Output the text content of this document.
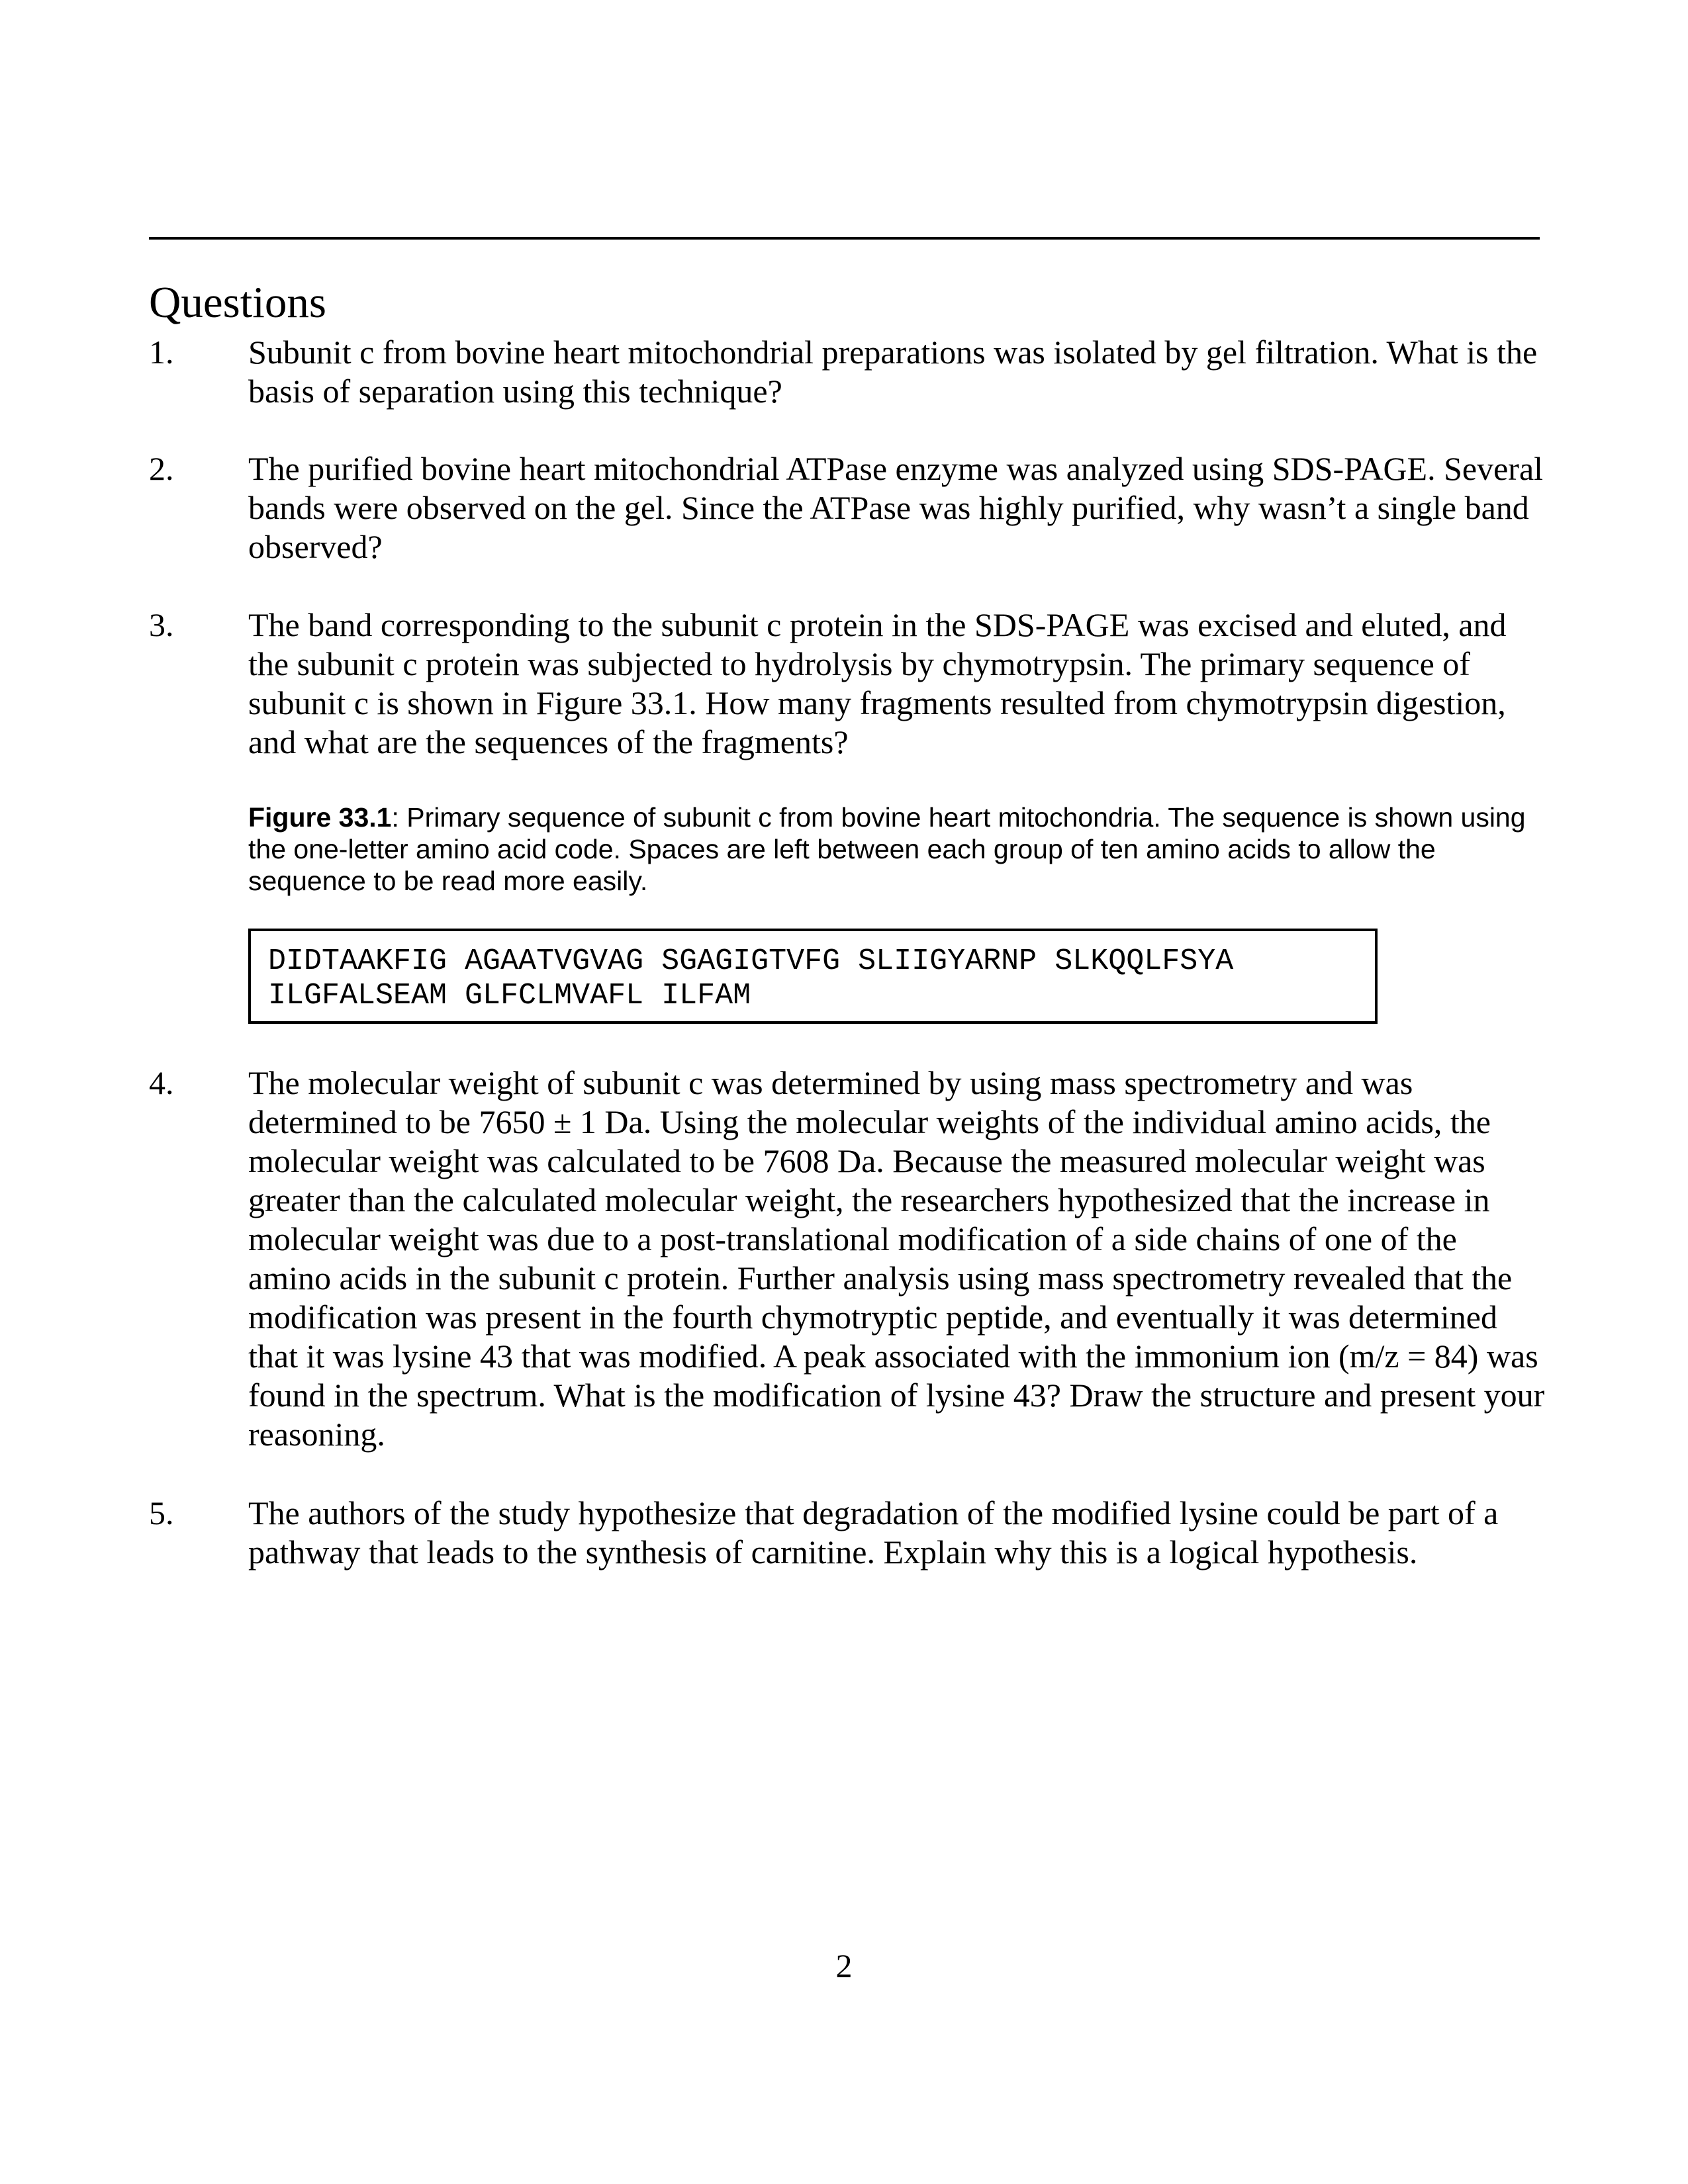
Questions
1. Subunit c from bovine heart mitochondrial preparations was isolated by gel filtration. What is the basis of separation using this technique?
2. The purified bovine heart mitochondrial ATPase enzyme was analyzed using SDS-PAGE. Several bands were observed on the gel. Since the ATPase was highly purified, why wasn’t a single band observed?
3. The band corresponding to the subunit c protein in the SDS-PAGE was excised and eluted, and the subunit c protein was subjected to hydrolysis by chymotrypsin. The primary sequence of subunit c is shown in Figure 33.1. How many fragments resulted from chymotrypsin digestion, and what are the sequences of the fragments?
Figure 33.1: Primary sequence of subunit c from bovine heart mitochondria. The sequence is shown using the one-letter amino acid code. Spaces are left between each group of ten amino acids to allow the sequence to be read more easily.
DIDTAAKFIG AGAATVGVAG SGAGIGTVFG SLIIGYARNP SLKQQLFSYA
ILGFALSEAM GLFCLMVAFL ILFAM
4. The molecular weight of subunit c was determined by using mass spectrometry and was determined to be 7650 ± 1 Da. Using the molecular weights of the individual amino acids, the molecular weight was calculated to be 7608 Da. Because the measured molecular weight was greater than the calculated molecular weight, the researchers hypothesized that the increase in molecular weight was due to a post-translational modification of a side chains of one of the amino acids in the subunit c protein. Further analysis using mass spectrometry revealed that the modification was present in the fourth chymotryptic peptide, and eventually it was determined that it was lysine 43 that was modified. A peak associated with the immonium ion (m/z = 84) was found in the spectrum. What is the modification of lysine 43? Draw the structure and present your reasoning.
5. The authors of the study hypothesize that degradation of the modified lysine could be part of a pathway that leads to the synthesis of carnitine. Explain why this is a logical hypothesis.
2
